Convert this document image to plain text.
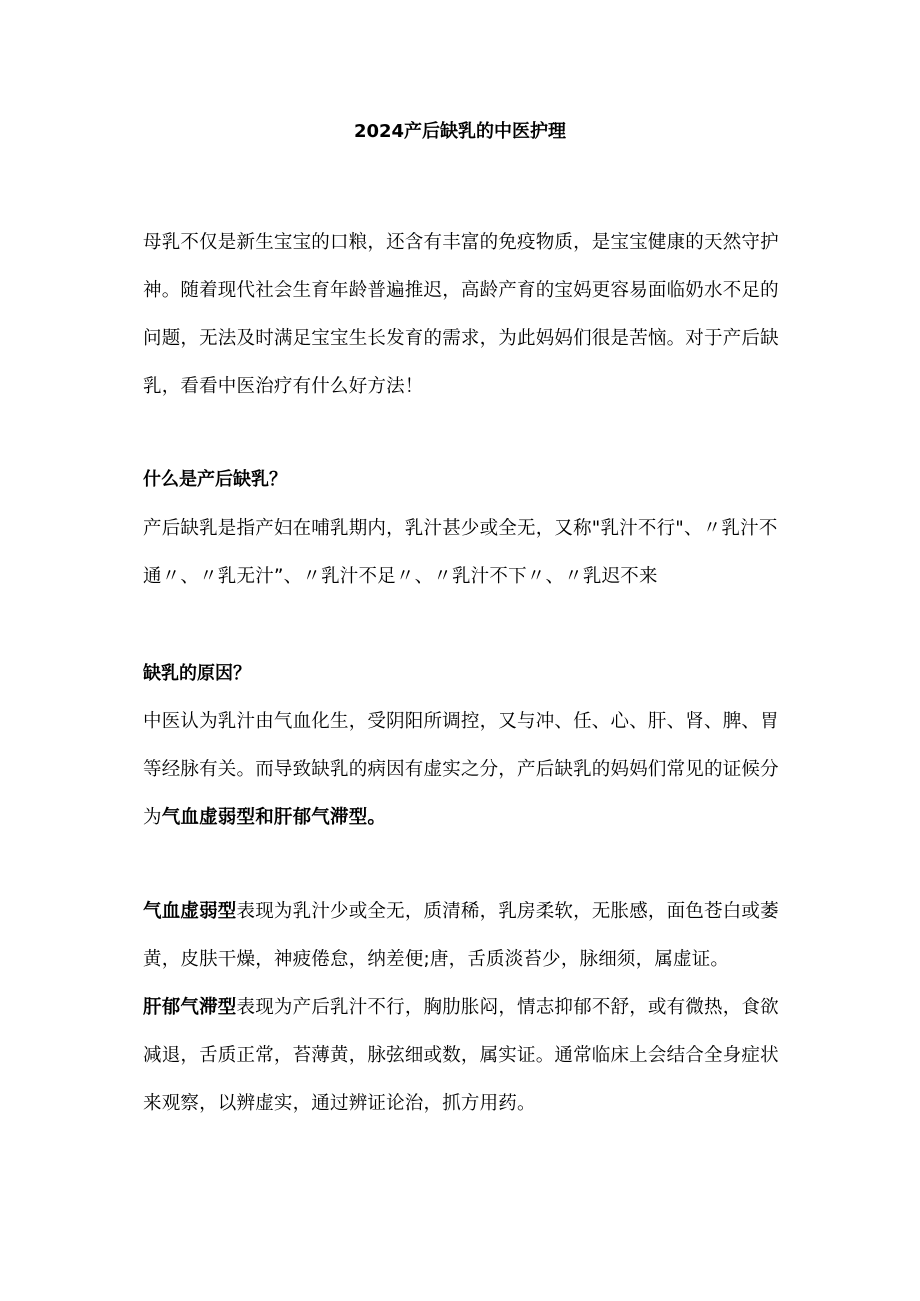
2024产后缺乳的中医护理

母乳不仅是新生宝宝的口粮，还含有丰富的免疫物质，是宝宝健康的天然守护
神。随着现代社会生育年龄普遍推迟，高龄产育的宝妈更容易面临奶水不足的
问题，无法及时满足宝宝生长发育的需求，为此妈妈们很是苦恼。对于产后缺
乳，看看中医治疗有什么好方法！

什么是产后缺乳？

产后缺乳是指产妇在哺乳期内，乳汁甚少或全无，又称"乳汁不行"、〃乳汁不
通〃、〃乳无汁”、〃乳汁不足〃、〃乳汁不下〃、〃乳迟不来

缺乳的原因？

中医认为乳汁由气血化生，受阴阳所调控，又与冲、任、心、肝、肾、脾、胃
等经脉有关。而导致缺乳的病因有虚实之分，产后缺乳的妈妈们常见的证候分
为气血虚弱型和肝郁气滞型。

气血虚弱型表现为乳汁少或全无，质清稀，乳房柔软，无胀感，面色苍白或萎
黄，皮肤干燥，神疲倦怠，纳差便;唐，舌质淡苔少，脉细须，属虚证。

肝郁气滞型表现为产后乳汁不行，胸肋胀闷，情志抑郁不舒，或有微热，食欲
减退，舌质正常，苔薄黄，脉弦细或数，属实证。通常临床上会结合全身症状
来观察，以辨虚实，通过辨证论治，抓方用药。
